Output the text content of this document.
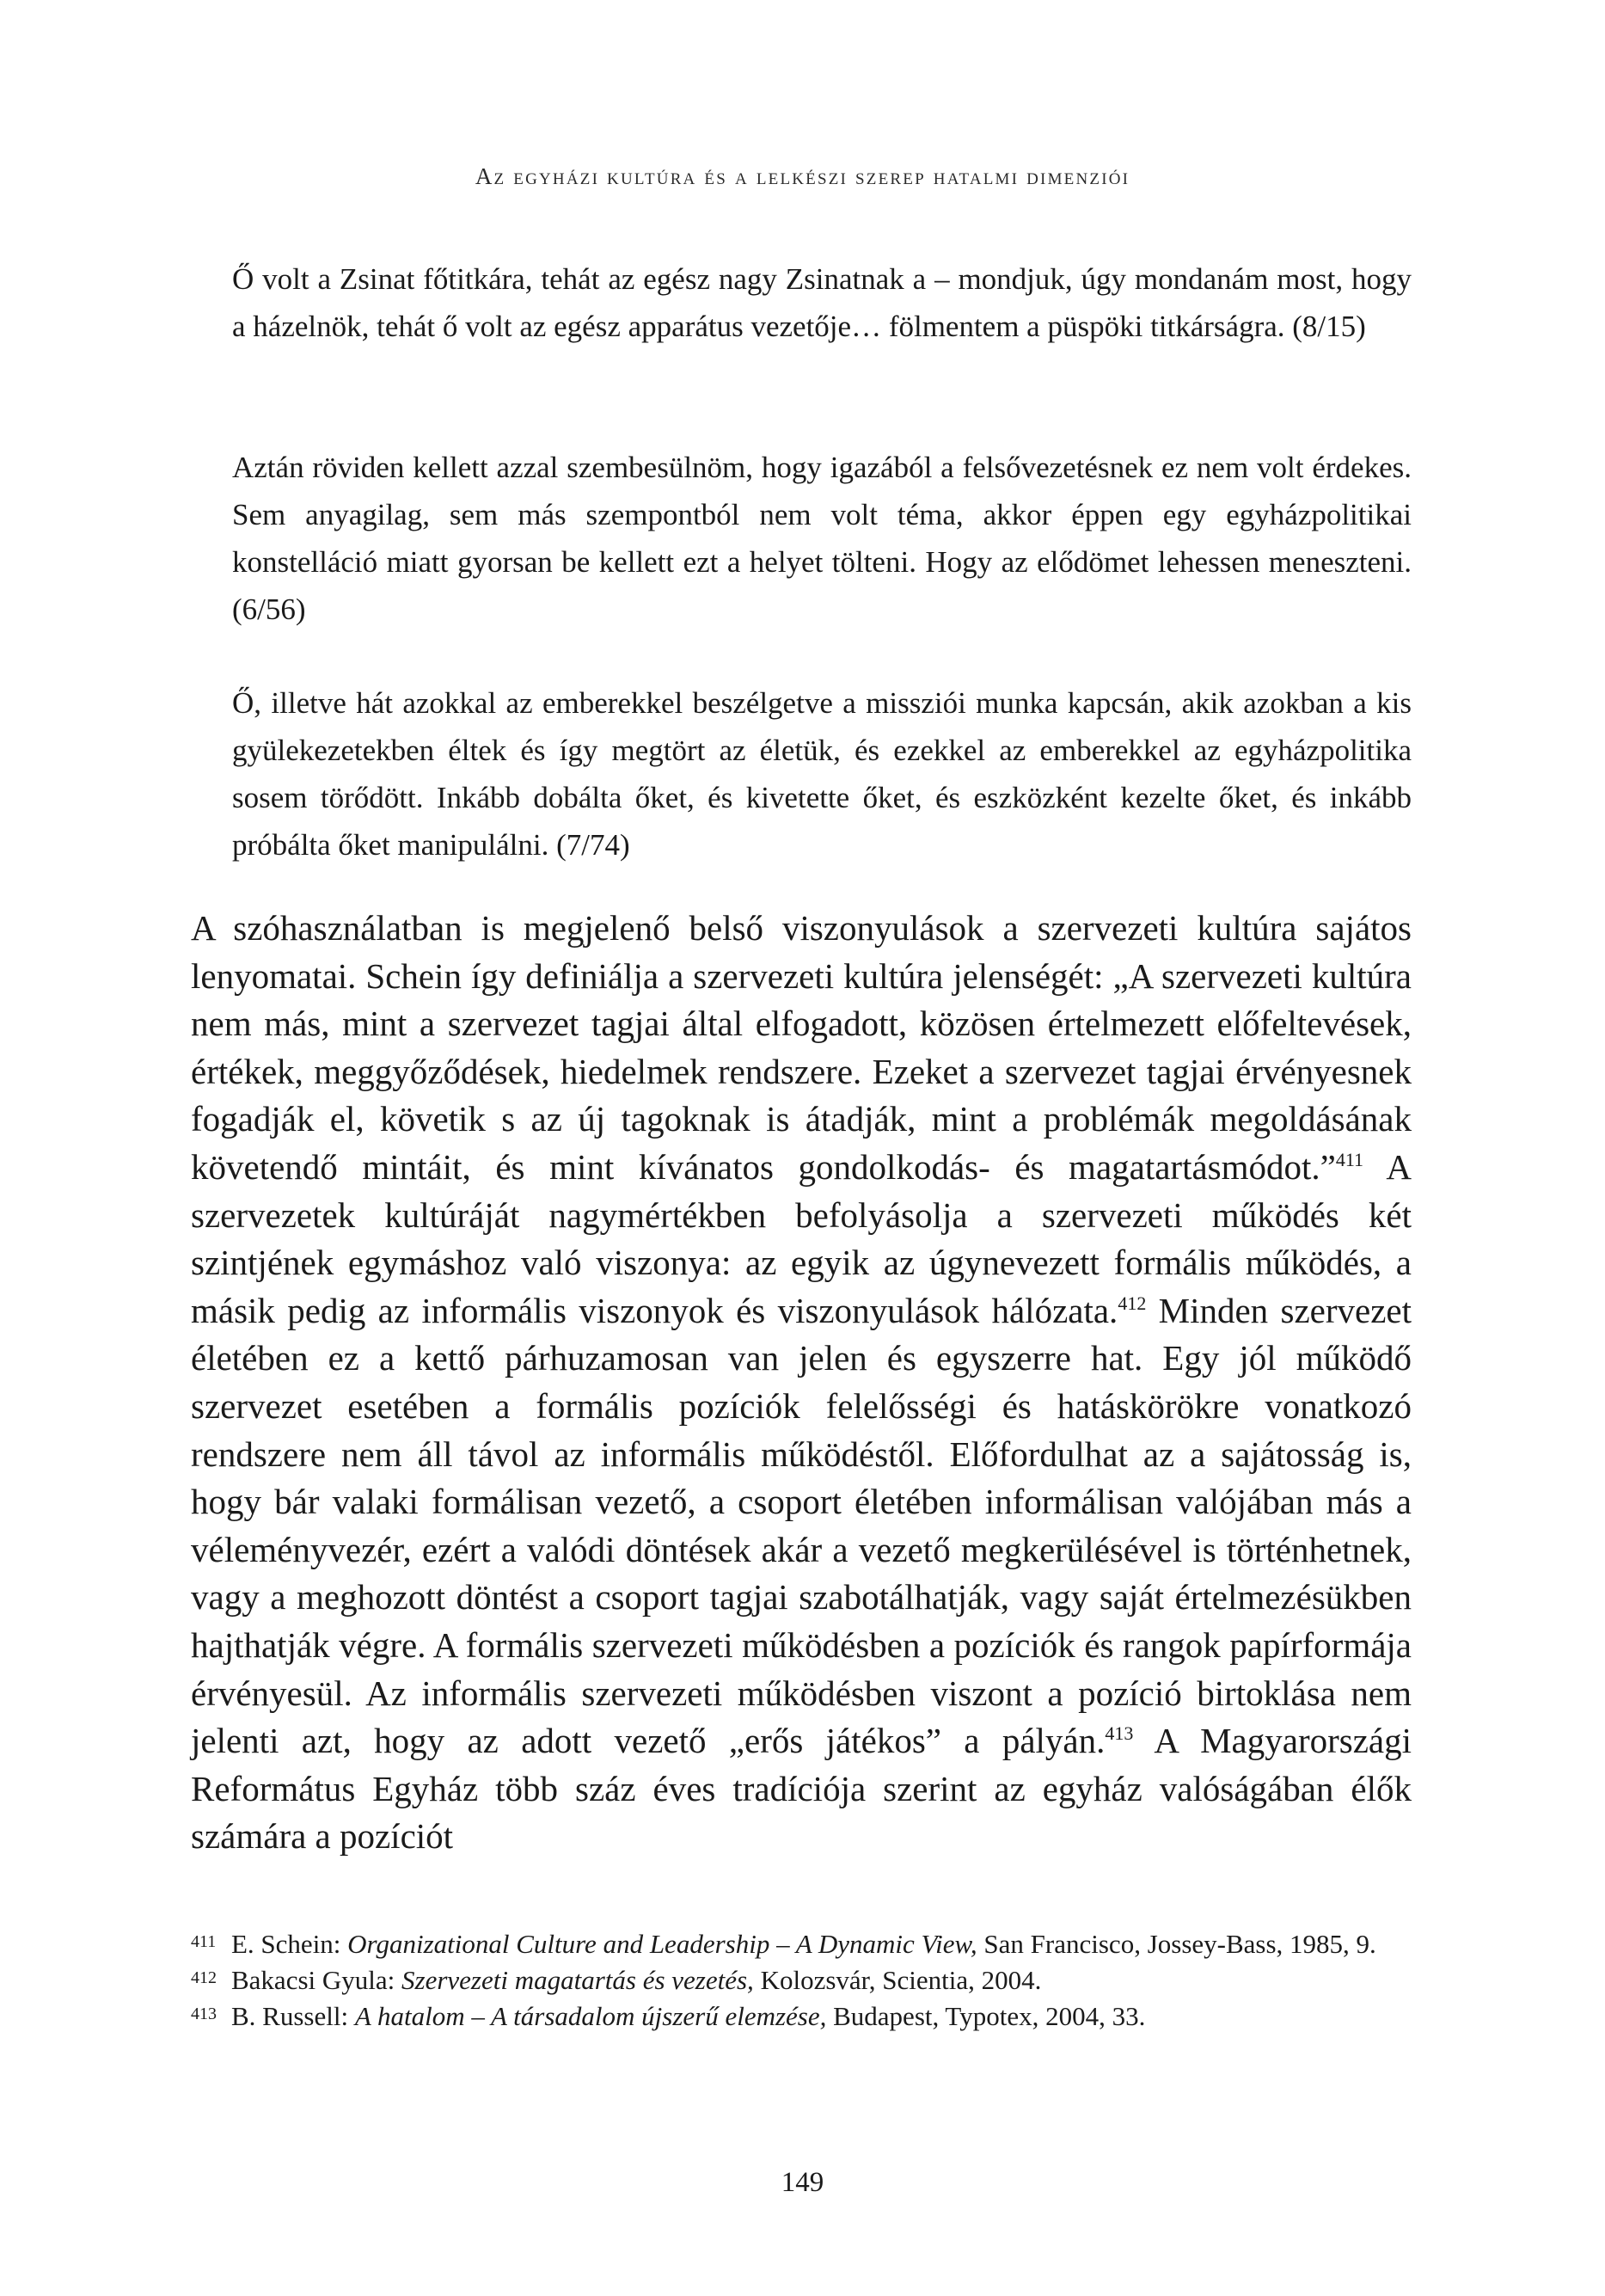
Az egyházi kultúra és a lelkészi szerep hatalmi dimenziói

Ő volt a Zsinat főtitkára, tehát az egész nagy Zsinatnak a – mondjuk, úgy mondanám most, hogy a házelnök, tehát ő volt az egész apparátus vezetője… fölmentem a püspöki titkárságra. (8/15)

Aztán röviden kellett azzal szembesülnöm, hogy igazából a felsővezetésnek ez nem volt érdekes. Sem anyagilag, sem más szempontból nem volt téma, akkor éppen egy egyházpolitikai konstelláció miatt gyorsan be kellett ezt a helyet tölteni. Hogy az elődömet lehessen meneszteni. (6/56)

Ő, illetve hát azokkal az emberekkel beszélgetve a missziói munka kapcsán, akik azokban a kis gyülekezetekben éltek és így megtört az életük, és ezekkel az emberekkel az egyházpolitika sosem törődött. Inkább dobálta őket, és kivetette őket, és eszközként kezelte őket, és inkább próbálta őket manipulálni. (7/74)

A szóhasználatban is megjelenő belső viszonyulások a szervezeti kultúra sajátos lenyomatai. Schein így definiálja a szervezeti kultúra jelenségét: „A szervezeti kultúra nem más, mint a szervezet tagjai által elfogadott, közösen értelmezett előfeltevések, értékek, meggyőződések, hiedelmek rendszere. Ezeket a szervezet tagjai érvényesnek fogadják el, követik s az új tagoknak is átadják, mint a problémák megoldásának követendő mintáit, és mint kívánatos gondolkodás- és magatartásmódot.”$^{411}$ A szervezetek kultúráját nagymértékben befolyásolja a szervezeti működés két szintjének egymáshoz való viszonya: az egyik az úgynevezett formális működés, a másik pedig az informális viszonyok és viszonyulások hálózata.$^{412}$ Minden szervezet életében ez a kettő párhuzamosan van jelen és egyszerre hat. Egy jól működő szervezet esetében a formális pozíciók felelősségi és hatáskörökre vonatkozó rendszere nem áll távol az informális működéstől. Előfordulhat az a sajátosság is, hogy bár valaki formálisan vezető, a csoport életében informálisan valójában más a véleményvezér, ezért a valódi döntések akár a vezető megkerülésével is történhetnek, vagy a meghozott döntést a csoport tagjai szabotálhatják, vagy saját értelmezésükben hajthatják végre. A formális szervezeti működésben a pozíciók és rangok papírformája érvényesül. Az informális szervezeti működésben viszont a pozíció birtoklása nem jelenti azt, hogy az adott vezető „erős játékos” a pályán.$^{413}$ A Magyarországi Református Egyház több száz éves tradíciója szerint az egyház valóságában élők számára a pozíciót

411 E. Schein: Organizational Culture and Leadership – A Dynamic View, San Francisco, Jossey-Bass, 1985, 9.
412 Bakacsi Gyula: Szervezeti magatartás és vezetés, Kolozsvár, Scientia, 2004.
413 B. Russell: A hatalom – A társadalom újszerű elemzése, Budapest, Typotex, 2004, 33.
149
